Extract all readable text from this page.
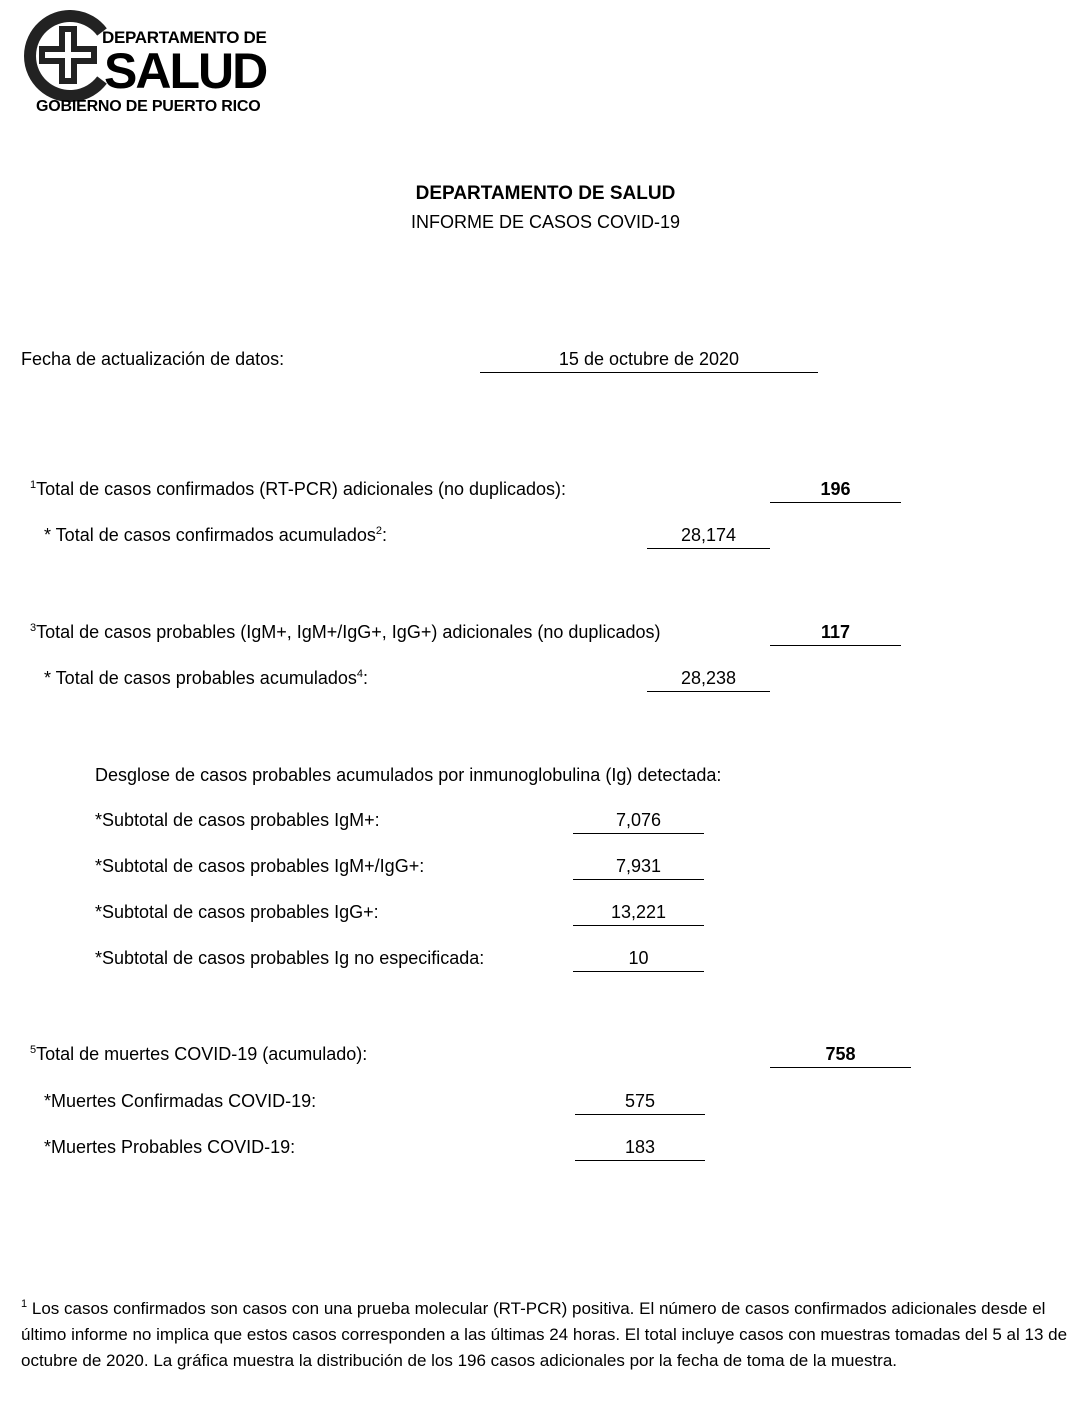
DEPARTAMENTO DE
SALUD
GOBIERNO DE PUERTO RICO
DEPARTAMENTO DE SALUD
INFORME DE CASOS COVID-19
Fecha de actualización de datos:	15 de octubre de 2020
$^1$Total de casos confirmados (RT-PCR) adicionales (no duplicados):	196
* Total de casos confirmados acumulados$^2$:	28,174
$^3$Total de casos probables (IgM+, IgM+/IgG+, IgG+) adicionales (no duplicados)	117
* Total de casos probables acumulados$^4$:	28,238
Desglose de casos probables acumulados por inmunoglobulina (Ig) detectada:
*Subtotal de casos probables IgM+:	7,076
*Subtotal de casos probables IgM+/IgG+:	7,931
*Subtotal de casos probables IgG+:	13,221
*Subtotal de casos probables Ig no especificada:	10
$^5$Total de muertes COVID-19 (acumulado):	758
*Muertes Confirmadas COVID-19:	575
*Muertes Probables COVID-19:	183
$^1$ Los casos confirmados son casos con una prueba molecular (RT-PCR) positiva. El número de casos confirmados adicionales desde el último informe no implica que estos casos corresponden a las últimas 24 horas. El total incluye casos con muestras tomadas del 5 al 13 de octubre de 2020. La gráfica muestra la distribución de los 196 casos adicionales por la fecha de toma de la muestra.
